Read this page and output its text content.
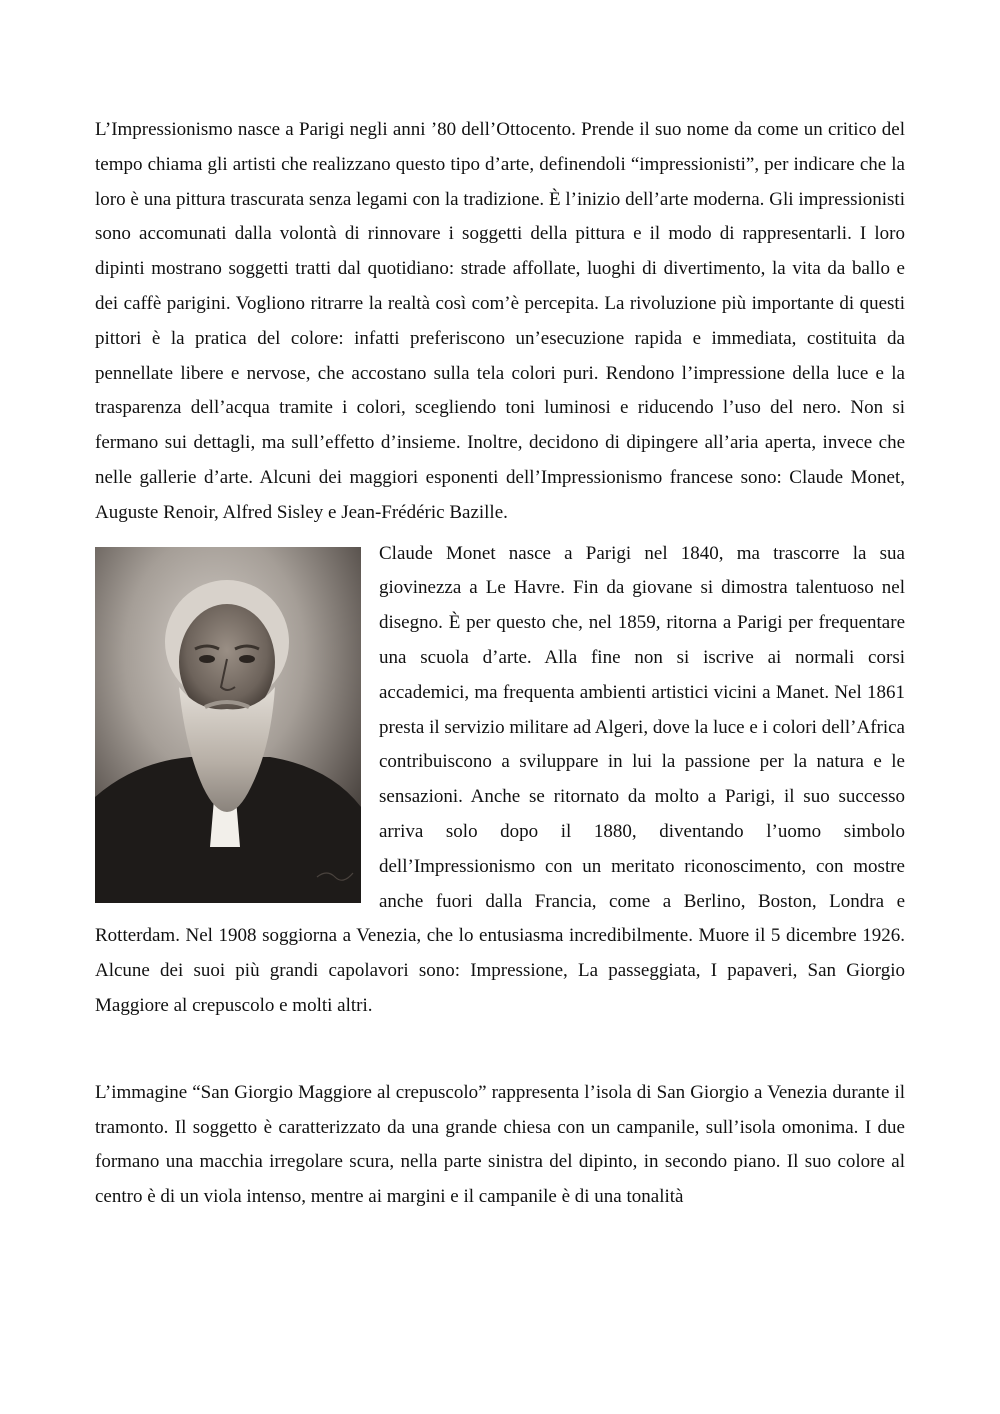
L’Impressionismo nasce a Parigi negli anni ’80 dell’Ottocento. Prende il suo nome da come un critico del tempo chiama gli artisti che realizzano questo tipo d’arte, definendoli “impressionisti”, per indicare che la loro è una pittura trascurata senza legami con la tradizione. È l’inizio dell’arte moderna. Gli impressionisti sono accomunati dalla volontà di rinnovare i soggetti della pittura e il modo di rappresentarli. I loro dipinti mostrano soggetti tratti dal quotidiano: strade affollate, luoghi di divertimento, la vita da ballo e dei caffè parigini. Vogliono ritrarre la realtà così com’è percepita. La rivoluzione più importante di questi pittori è la pratica del colore: infatti preferiscono un’esecuzione rapida e immediata, costituita da pennellate libere e nervose, che accostano sulla tela colori puri. Rendono l’impressione della luce e la trasparenza dell’acqua tramite i colori, scegliendo toni luminosi e riducendo l’uso del nero. Non si fermano sui dettagli, ma sull’effetto d’insieme. Inoltre, decidono di dipingere all’aria aperta, invece che nelle gallerie d’arte. Alcuni dei maggiori esponenti dell’Impressionismo francese sono: Claude Monet, Auguste Renoir, Alfred Sisley e Jean-Frédéric Bazille.

Claude Monet nasce a Parigi nel 1840, ma trascorre la sua giovinezza a Le Havre. Fin da giovane si dimostra talentuoso nel disegno. È per questo che, nel 1859, ritorna a Parigi per frequentare una scuola d’arte. Alla fine non si iscrive ai normali corsi accademici, ma frequenta ambienti artistici vicini a Manet. Nel 1861 presta il servizio militare ad Algeri, dove la luce e i colori dell’Africa contribuiscono a sviluppare in lui la passione per la natura e le sensazioni. Anche se ritornato da molto a Parigi, il suo successo arriva solo dopo il 1880, diventando l’uomo simbolo dell’Impressionismo con un meritato riconoscimento, con mostre anche fuori dalla Francia, come a Berlino, Boston, Londra e Rotterdam. Nel 1908 soggiorna a Venezia, che lo entusiasma incredibilmente. Muore il 5 dicembre 1926. Alcune dei suoi più grandi capolavori sono: Impressione, La passeggiata, I papaveri, San Giorgio Maggiore al crepuscolo e molti altri.

L’immagine “San Giorgio Maggiore al crepuscolo” rappresenta l’isola di San Giorgio a Venezia durante il tramonto. Il soggetto è caratterizzato da una grande chiesa con un campanile, sull’isola omonima. I due formano una macchia irregolare scura, nella parte sinistra del dipinto, in secondo piano. Il suo colore al centro è di un viola intenso, mentre ai margini e il campanile è di una tonalità
